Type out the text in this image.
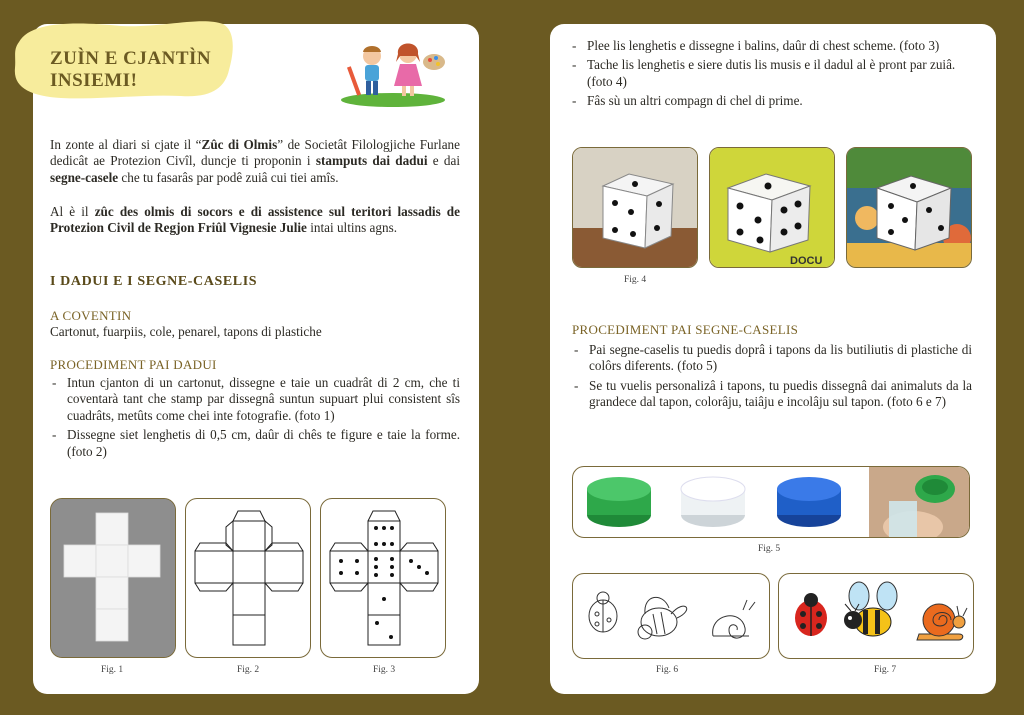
ZUÌN E CJANTÌN
INSIEMI!
In zonte al diari si cjate il “Zûc di Olmis” de Societât Filologjiche Furlane dedicât ae Protezion Civîl, duncje ti proponin i stamputs dai dadui e dai segne-casele che tu fasarâs par podê zuiâ cui tiei amîs.
Al è il zûc des olmis di socors e di assistence sul teritori lassadis de Protezion Civil de Regjon Friûl Vignesie Julie intai ultins agns.
I DADUI E I SEGNE-CASELIS
A COVENTIN
Cartonut, fuarpiis, cole, penarel, tapons di plastiche
PROCEDIMENT PAI DADUI
- Intun cjanton di un cartonut, dissegne e taie un cuadrât di 2 cm, che ti coventarà tant che stamp par dissegnâ suntun supuart plui consistent sîs cuadrâts, metûts come chei inte fotografie. (foto 1)
- Dissegne siet lenghetis di 0,5 cm, daûr di chês te figure e taie la forme. (foto 2)
Fig. 1	Fig. 2	Fig. 3
- Plee lis lenghetis e dissegne i balins, daûr di chest scheme. (foto 3)
- Tache lis lenghetis e siere dutis lis musis e il dadul al è pront par zuiâ. (foto 4)
- Fâs sù un altri compagn di chel di prime.
DOCU
Fig. 4
PROCEDIMENT PAI SEGNE-CASELIS
- Pai segne-caselis tu puedis doprâ i tapons da lis butiliutis di plastiche di colôrs diferents. (foto 5)
- Se tu vuelis personalizâ i tapons, tu puedis dissegnâ dai animaluts da la grandece dal tapon, colorâju, taiâju e incolâju sul tapon. (foto 6 e 7)
Fig. 5
Fig. 6	Fig. 7
